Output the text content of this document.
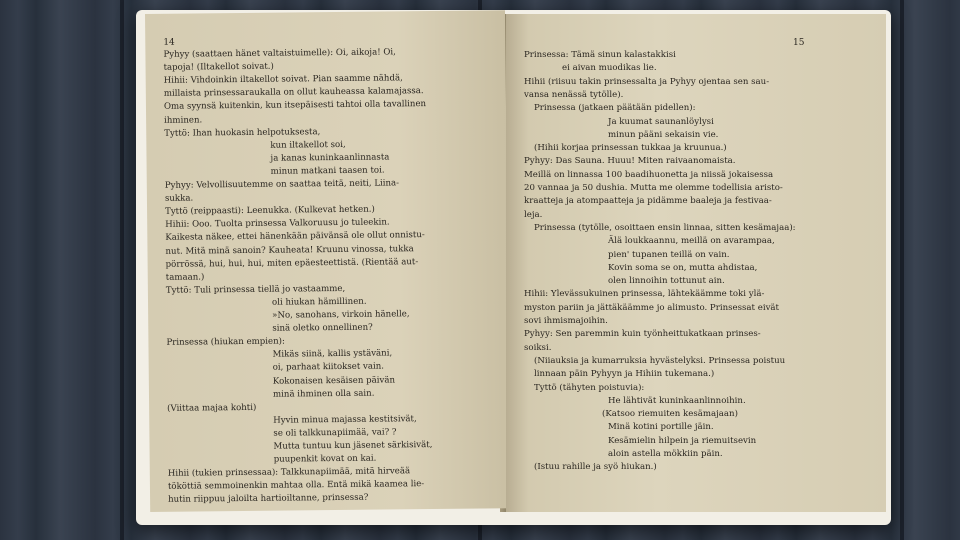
14
Pyhyy (saattaen hänet valtaistuimelle): Oi, aikoja! Oi,
tapoja! (Iltakellot soivat.)
Hihii: Vihdoinkin iltakellot soivat. Pian saamme nähdä,
millaista prinsessaraukalla on ollut kauheassa kalamajassa.
Oma syynsä kuitenkin, kun itsepäisesti tahtoi olla tavallinen
ihminen.
Tyttö: Ihan huokasin helpotuksesta,
kun iltakellot soi,
ja kanas kuninkaanlinnasta
minun matkani taasen toi.
Pyhyy: Velvollisuutemme on saattaa teitä, neiti, Liina-
sukka.
Tyttö (reippaasti): Leenukka. (Kulkevat hetken.)
Hihii: Ooo. Tuolta prinsessa Valkoruusu jo tuleekin.
Kaikesta näkee, ettei hänenkään päivänsä ole ollut onnistu-
nut. Mitä minä sanoin? Kauheata! Kruunu vinossa, tukka
pörrössä, hui, hui, hui, miten epäesteettistä. (Rientää aut-
tamaan.)
Tyttö: Tuli prinsessa tiellä jo vastaamme,
oli hiukan hämillinen.
»No, sanohans, virkoin hänelle,
sinä oletko onnellinen?
Prinsessa (hiukan empien):
Mikäs siinä, kallis ystäväni,
oi, parhaat kiitokset vain.
Kokonaisen kesäisen päivän
minä ihminen olla sain.
(Viittaa majaa kohti)
Hyvin minua majassa kestitsivät,
se oli talkkunapiimää, vai? ?
Mutta tuntuu kun jäsenet särkisivät,
puupenkit kovat on kai.
Hihii (tukien prinsessaa): Talkkunapiimää, mitä hirveää
tököttiä semmoinenkin mahtaa olla. Entä mikä kaamea lie-
hutin riippuu jaloilta hartioiltanne, prinsessa?
15
Prinsessa: Tämä sinun kalastakkisi
ei aivan muodikas lie.
Hihii (riisuu takin prinsessalta ja Pyhyy ojentaa sen sau-
vansa nenässä tytölle).
Prinsessa (jatkaen päätään pidellen):
Ja kuumat saunanlöylysi
minun pääni sekaisin vie.
(Hihii korjaa prinsessan tukkaa ja kruunua.)
Pyhyy: Das Sauna. Huuu! Miten raivaanomaista.
Meillä on linnassa 100 baadihuonetta ja niissä jokaisessa
20 vannaa ja 50 dushia. Mutta me olemme todellisia aristo-
kraatteja ja atompaatteja ja pidämme baaleja ja festivaa-
leja.
Prinsessa (tytölle, osoittaen ensin linnaa, sitten kesämajaa):
Älä loukkaannu, meillä on avarampaa,
pien' tupanen teillä on vain.
Kovin soma se on, mutta ahdistaa,
olen linnoihin tottunut ain.
Hihii: Ylevässukuinen prinsessa, lähtekäämme toki ylä-
myston pariin ja jättäkäämme jo alimusto. Prinsessat eivät
sovi ihmismajoihin.
Pyhyy: Sen paremmin kuin työnheittukatkaan prinses-
soiksi.
(Niiauksia ja kumarruksia hyvästelyksi. Prinsessa poistuu
linnaan päin Pyhyyn ja Hihiin tukemana.)
Tyttö (tähyten poistuvia):
He lähtivät kuninkaanlinnoihin.
(Katsoo riemuiten kesämajaan)
Minä kotini portille jäin.
Kesämielin hilpein ja riemuitsevin
aloin astella mökkiin päin.
(Istuu rahille ja syö hiukan.)
